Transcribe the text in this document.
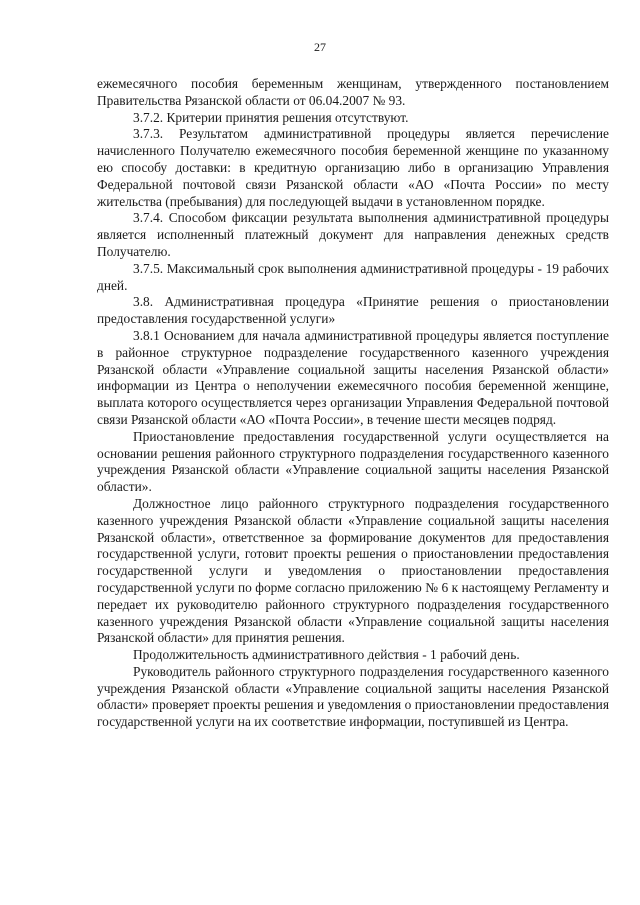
27

ежемесячного пособия беременным женщинам, утвержденного постановлением Правительства Рязанской области от 06.04.2007 № 93.

3.7.2. Критерии принятия решения отсутствуют.

3.7.3. Результатом административной процедуры является перечисление начисленного Получателю ежемесячного пособия беременной женщине по указанному ею способу доставки: в кредитную организацию либо в организацию Управления Федеральной почтовой связи Рязанской области «АО «Почта России» по месту жительства (пребывания) для последующей выдачи в установленном порядке.

3.7.4. Способом фиксации результата выполнения административной процедуры является исполненный платежный документ для направления денежных средств Получателю.

3.7.5. Максимальный срок выполнения административной процедуры - 19 рабочих дней.

3.8. Административная процедура «Принятие решения о приостановлении предоставления государственной услуги»

3.8.1 Основанием для начала административной процедуры является поступление в районное структурное подразделение государственного казенного учреждения Рязанской области «Управление социальной защиты населения Рязанской области» информации из Центра о неполучении ежемесячного пособия беременной женщине, выплата которого осуществляется через организации Управления Федеральной почтовой связи Рязанской области «АО «Почта России», в течение шести месяцев подряд.

Приостановление предоставления государственной услуги осуществляется на основании решения районного структурного подразделения государственного казенного учреждения Рязанской области «Управление социальной защиты населения Рязанской области».

Должностное лицо районного структурного подразделения государственного казенного учреждения Рязанской области «Управление социальной защиты населения Рязанской области», ответственное за формирование документов для предоставления государственной услуги, готовит проекты решения о приостановлении предоставления государственной услуги и уведомления о приостановлении предоставления государственной услуги по форме согласно приложению № 6 к настоящему Регламенту и передает их руководителю районного структурного подразделения государственного казенного учреждения Рязанской области «Управление социальной защиты населения Рязанской области» для принятия решения.

Продолжительность административного действия - 1 рабочий день.

Руководитель районного структурного подразделения государственного казенного учреждения Рязанской области «Управление социальной защиты населения Рязанской области» проверяет проекты решения и уведомления о приостановлении предоставления государственной услуги на их соответствие информации, поступившей из Центра.
